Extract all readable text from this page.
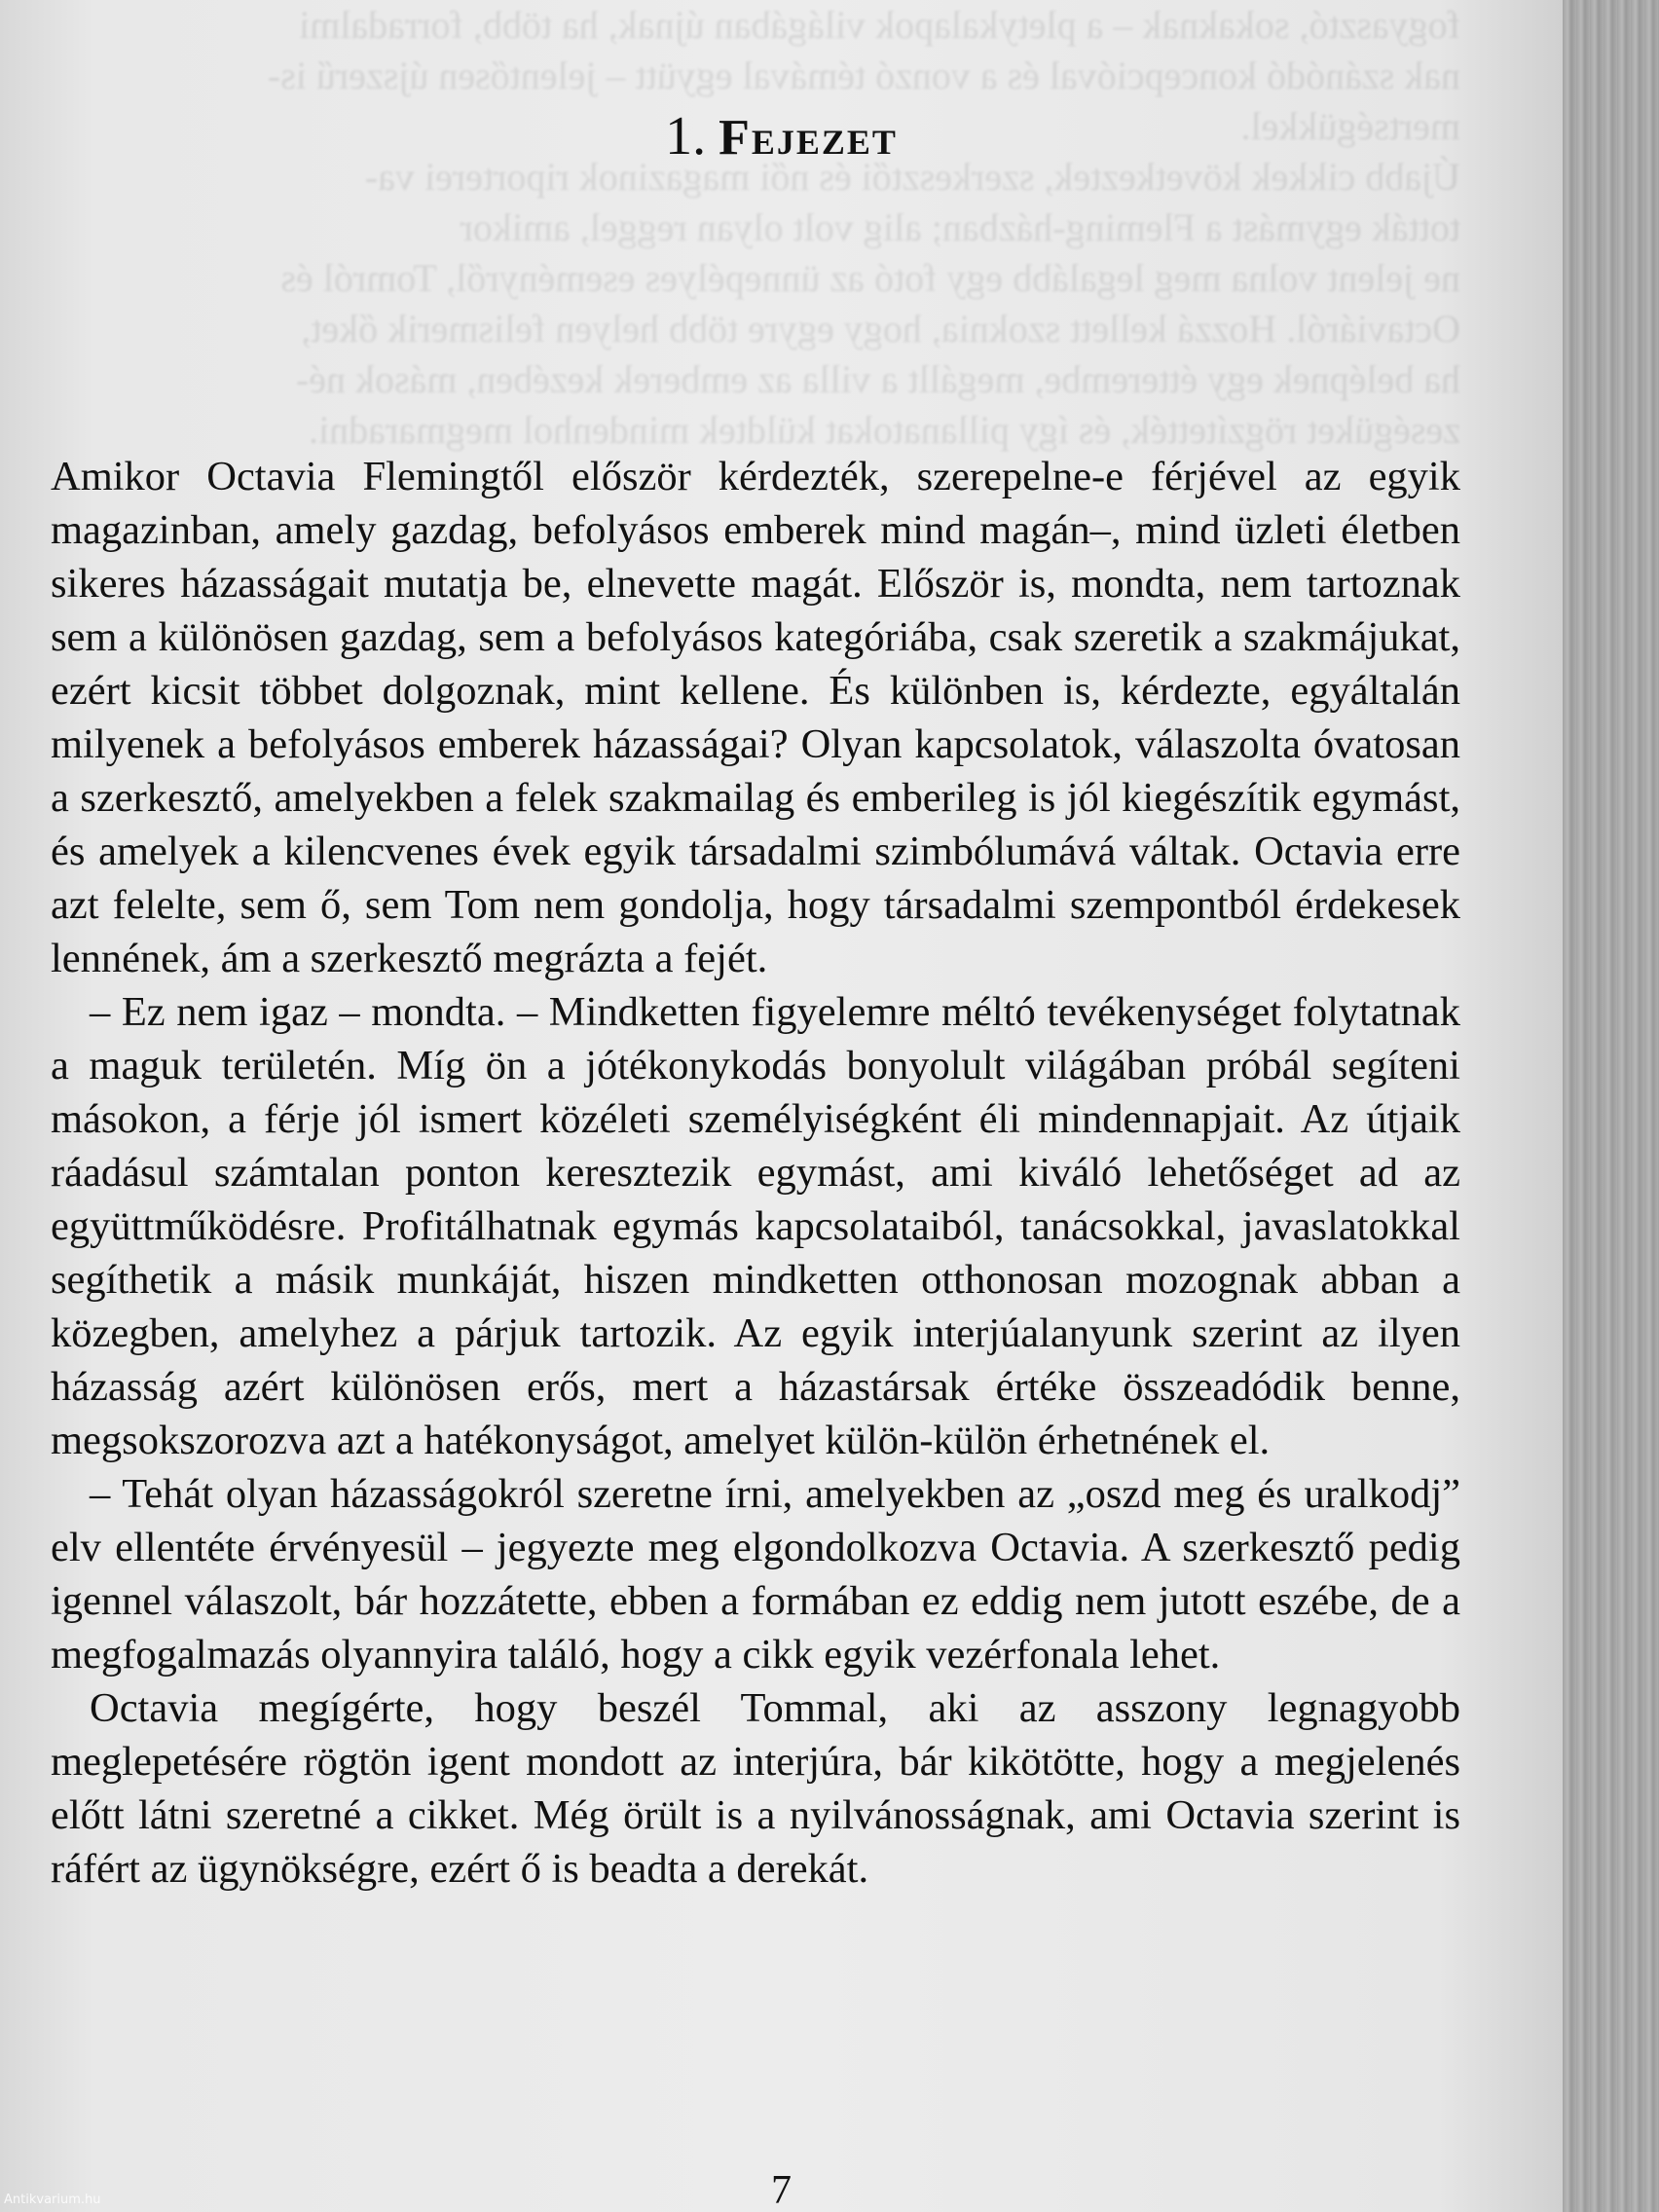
fogyasztó, sokaknak – a pletykalapok világában újnak, ha több, forradalmi

nak szánódó koncepcióval és a vonzó témával együtt – jelentősen újszerű is-

mertségükkel.

Újabb cikkek következtek, szerkesztői és női magazinok riporterei va-

tották egymást a Fleming-házban; alig volt olyan reggel, amikor

ne jelent volna meg legalább egy fotó az ünnepélyes eseményről, Tomról és

Octaviáról. Hozzá kellett szoknia, hogy egyre több helyen felismerik őket,

ha belépnek egy étterembe, megállt a villa az emberek kezében, mások né-

zeségüket rögzítették, és így pillanatokat küldtek mindenhol megmaradni.

1. Fejezet

Amikor Octavia Flemingtől először kérdezték, szerepelne-e férjével az egyik magazinban, amely gazdag, befolyásos emberek mind magán–, mind üzleti életben sikeres házasságait mutatja be, elnevette magát. Először is, mondta, nem tartoznak sem a különösen gazdag, sem a befolyásos kategóriába, csak szeretik a szakmájukat, ezért kicsit többet dolgoznak, mint kellene. És különben is, kérdezte, egyáltalán milyenek a befolyásos emberek házasságai? Olyan kapcsolatok, válaszolta óvatosan a szerkesztő, amelyekben a felek szakmailag és emberileg is jól kiegészítik egymást, és amelyek a kilencvenes évek egyik társadalmi szimbólumává váltak. Octavia erre azt felelte, sem ő, sem Tom nem gondolja, hogy társadalmi szempontból érdekesek lennének, ám a szerkesztő megrázta a fejét.

– Ez nem igaz – mondta. – Mindketten figyelemre méltó tevékenységet folytatnak a maguk területén. Míg ön a jótékonykodás bonyolult világában próbál segíteni másokon, a férje jól ismert közéleti személyiségként éli mindennapjait. Az útjaik ráadásul számtalan ponton keresztezik egymást, ami kiváló lehetőséget ad az együttműködésre. Profitálhatnak egymás kapcsolataiból, tanácsokkal, javaslatokkal segíthetik a másik munkáját, hiszen mindketten otthonosan mozognak abban a közegben, amelyhez a párjuk tartozik. Az egyik interjúalanyunk szerint az ilyen házasság azért különösen erős, mert a házastársak értéke összeadódik benne, megsokszorozva azt a hatékonyságot, amelyet külön-külön érhetnének el.

– Tehát olyan házasságokról szeretne írni, amelyekben az „oszd meg és uralkodj” elv ellentéte érvényesül – jegyezte meg elgondolkozva Octavia. A szerkesztő pedig igennel válaszolt, bár hozzátette, ebben a formában ez eddig nem jutott eszébe, de a megfogalmazás olyannyira találó, hogy a cikk egyik vezérfonala lehet.

Octavia megígérte, hogy beszél Tommal, aki az asszony legnagyobb meglepetésére rögtön igent mondott az interjúra, bár kikötötte, hogy a megjelenés előtt látni szeretné a cikket. Még örült is a nyilvánosságnak, ami Octavia szerint is ráfért az ügynökségre, ezért ő is beadta a derekát.

7
Antikvarium.hu
